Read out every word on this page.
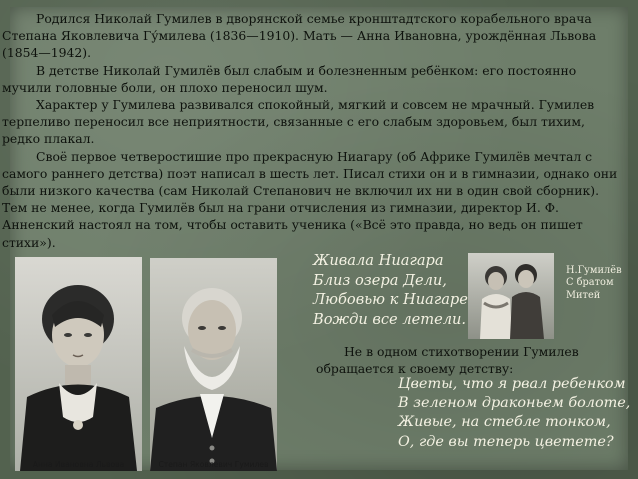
Родился Николай Гумилев в дворянской семье кронштадтского корабельного врача Степана Яковлевича Гу́милева (1836—1910). Мать — Анна Ивановна, урождённая Львова (1854—1942).

В детстве Николай Гумилёв был слабым и болезненным ребёнком: его постоянно мучили головные боли, он плохо переносил шум.

Характер у Гумилева развивался спокойный, мягкий и совсем не мрачный. Гумилев терпеливо переносил все неприятности, связанные с его слабым здоровьем, был тихим, редко плакал.

Своё первое четверостишие про прекрасную Ниагару (об Африке Гумилёв мечтал с самого раннего детства) поэт написал в шесть лет. Писал стихи он и в гимназии, однако они были низкого качества (сам Николай Степанович не включил их ни в один свой сборник). Тем не менее, когда Гумилёв был на грани отчисления из гимназии, директор И. Ф. Анненский настоял на том, чтобы оставить ученика («Всё это правда, но ведь он пишет стихи»).

Анна Ивановна Львова	Степан Яковлевич Гумилев
Н.Гумилёв
С братом
Митей
Живала Ниагара
Близ озера Дели,
Любовью к Ниагаре
Вожди все летели.
Не в одном стихотворении Гумилев
обращается к своему детству:
Цветы, что я рвал ребенком
В зеленом драконьем болоте,
Живые, на стебле тонком,
О, где вы теперь цветете?
